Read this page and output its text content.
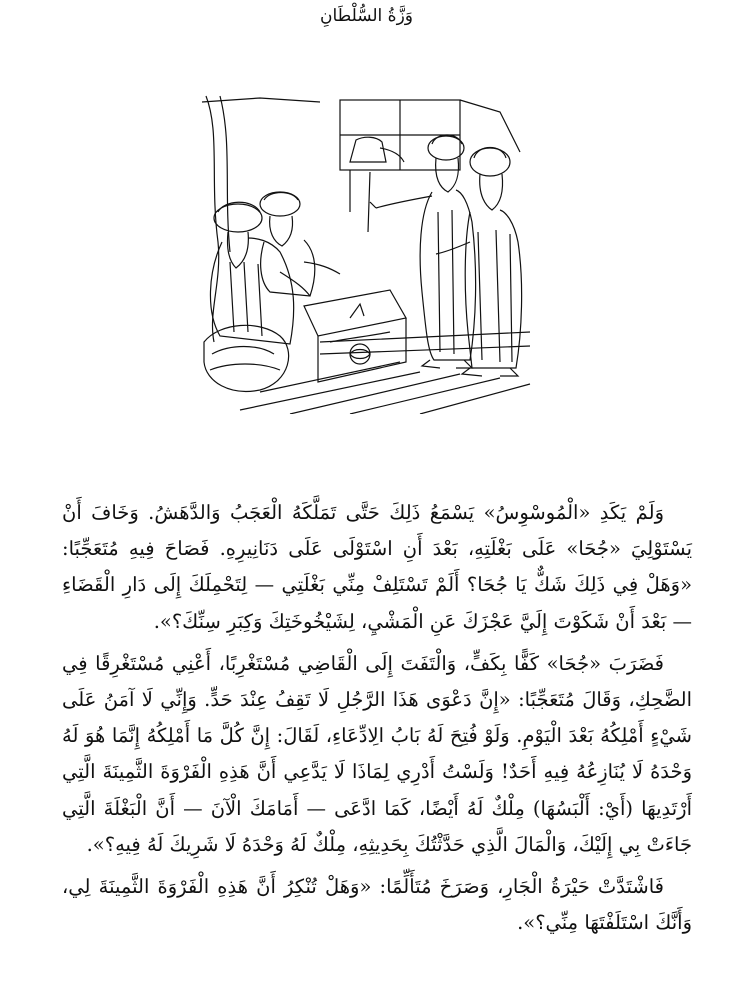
وَزَّةُ السُّلْطَانِ

وَلَمْ يَكَدِ «الْمُوسْوِسُ» يَسْمَعُ ذَلِكَ حَتَّى تَمَلَّكَهُ الْعَجَبُ وَالدَّهَشُ. وَخَافَ أَنْ يَسْتَوْلِيَ «جُحَا» عَلَى بَغْلَتِهِ، بَعْدَ أَنِ اسْتَوْلَى عَلَى دَنَانِيرِهِ. فَصَاحَ فِيهِ مُتَعَجِّبًا: «وَهَلْ فِي ذَلِكَ شَكٌّ يَا جُحَا؟ أَلَمْ تَسْتَلِفْ مِنِّي بَغْلَتِي — لِتَحْمِلَكَ إِلَى دَارِ الْقَضَاءِ — بَعْدَ أَنْ شَكَوْتَ إِلَيَّ عَجْزَكَ عَنِ الْمَشْيِ، لِشَيْخُوخَتِكَ وَكِبَرِ سِنِّكَ؟».

فَضَرَبَ «جُحَا» كَفًّا بِكَفٍّ، وَالْتَفَتَ إِلَى الْقَاضِي مُسْتَغْرِبًا، أَعْنِي مُسْتَغْرِقًا فِي الضَّحِكِ، وَقَالَ مُتَعَجِّبًا: «إِنَّ دَعْوَى هَذَا الرَّجُلِ لَا تَقِفُ عِنْدَ حَدٍّ. وَإِنِّي لَا آمَنُ عَلَى شَيْءٍ أَمْلِكُهُ بَعْدَ الْيَوْمِ. وَلَوْ فُتِحَ لَهُ بَابُ الِادِّعَاءِ، لَقَالَ: إِنَّ كُلَّ مَا أَمْلِكُهُ إِنَّمَا هُوَ لَهُ وَحْدَهُ لَا يُنَازِعُهُ فِيهِ أَحَدٌ! وَلَسْتُ أَدْرِي لِمَاذَا لَا يَدَّعِي أَنَّ هَذِهِ الْفَرْوَةَ الثَّمِينَةَ الَّتِي أَرْتَدِيهَا (أَيْ: أَلْبَسُهَا) مِلْكٌ لَهُ أَيْضًا، كَمَا ادَّعَى — أَمَامَكَ الْآنَ — أَنَّ الْبَغْلَةَ الَّتِي جَاءَتْ بِي إِلَيْكَ، وَالْمَالَ الَّذِي حَدَّثْتُكَ بِحَدِيثِهِ، مِلْكٌ لَهُ وَحْدَهُ لَا شَرِيكَ لَهُ فِيهِ؟».

فَاشْتَدَّتْ حَيْرَةُ الْجَارِ، وَصَرَخَ مُتَأَلِّمًا: «وَهَلْ تُنْكِرُ أَنَّ هَذِهِ الْفَرْوَةَ الثَّمِينَةَ لِي، وَأَنَّكَ اسْتَلَفْتَهَا مِنِّي؟».
